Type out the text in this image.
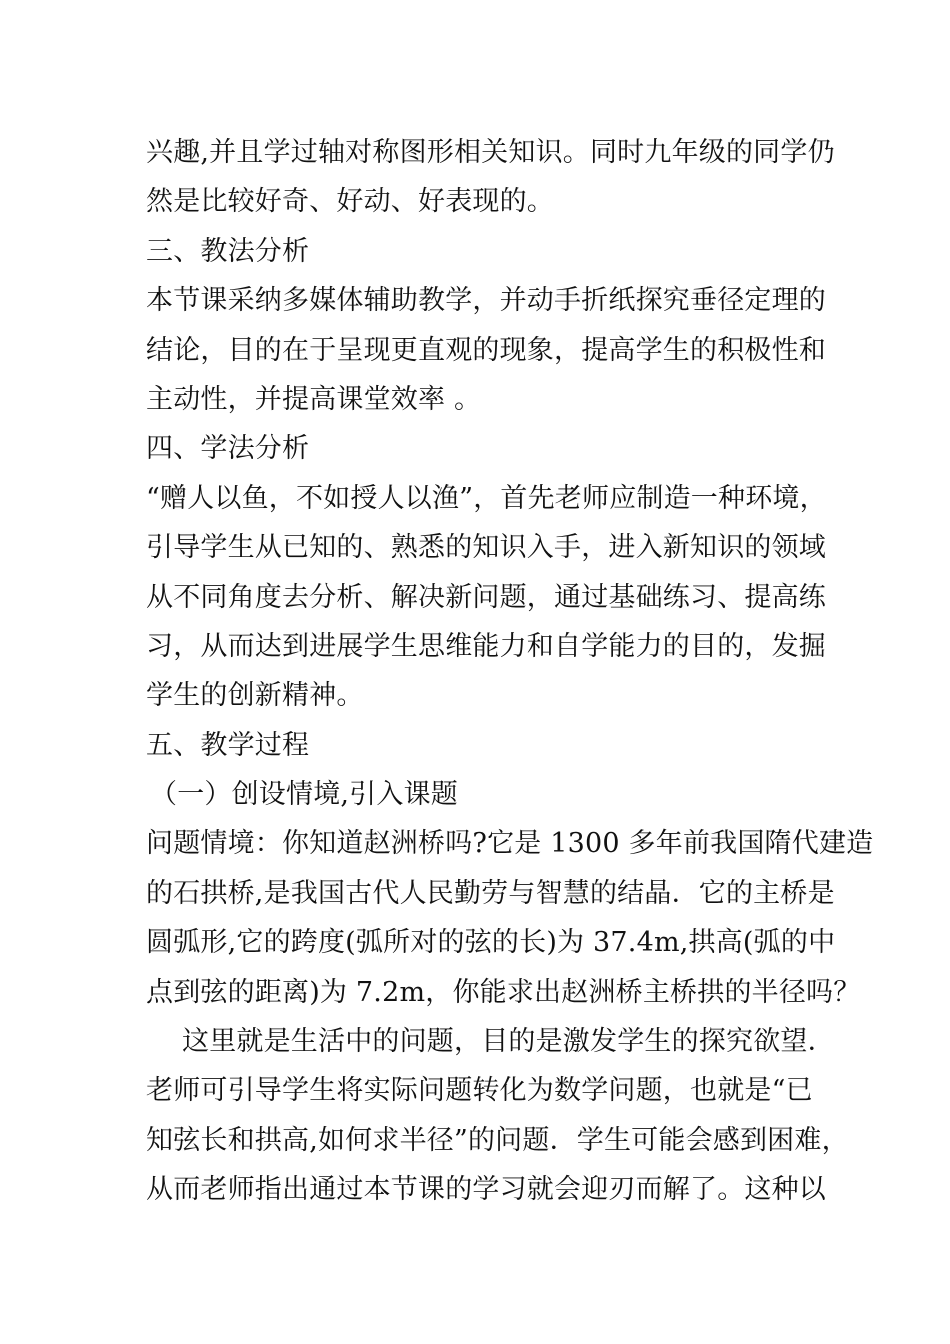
兴趣,并且学过轴对称图形相关知识。同时九年级的同学仍
然是比较好奇、好动、好表现的。
三、教法分析
本节课采纳多媒体辅助教学，并动手折纸探究垂径定理的
结论，目的在于呈现更直观的现象，提高学生的积极性和
主动性，并提高课堂效率 。
四、学法分析
“赠人以鱼，不如授人以渔”，首先老师应制造一种环境，
引导学生从已知的、熟悉的知识入手，进入新知识的领域
从不同角度去分析、解决新问题，通过基础练习、提高练
习，从而达到进展学生思维能力和自学能力的目的，发掘
学生的创新精神。
五、教学过程
（一）创设情境,引入课题
问题情境：你知道赵洲桥吗?它是 1300 多年前我国隋代建造
的石拱桥,是我国古代人民勤劳与智慧的结晶．它的主桥是
圆弧形,它的跨度(弧所对的弦的长)为 37.4m,拱高(弧的中
点到弦的距离)为 7.2m，你能求出赵洲桥主桥拱的半径吗？
这里就是生活中的问题，目的是激发学生的探究欲望．
老师可引导学生将实际问题转化为数学问题，也就是“已
知弦长和拱高,如何求半径”的问题．学生可能会感到困难，
从而老师指出通过本节课的学习就会迎刃而解了。这种以
